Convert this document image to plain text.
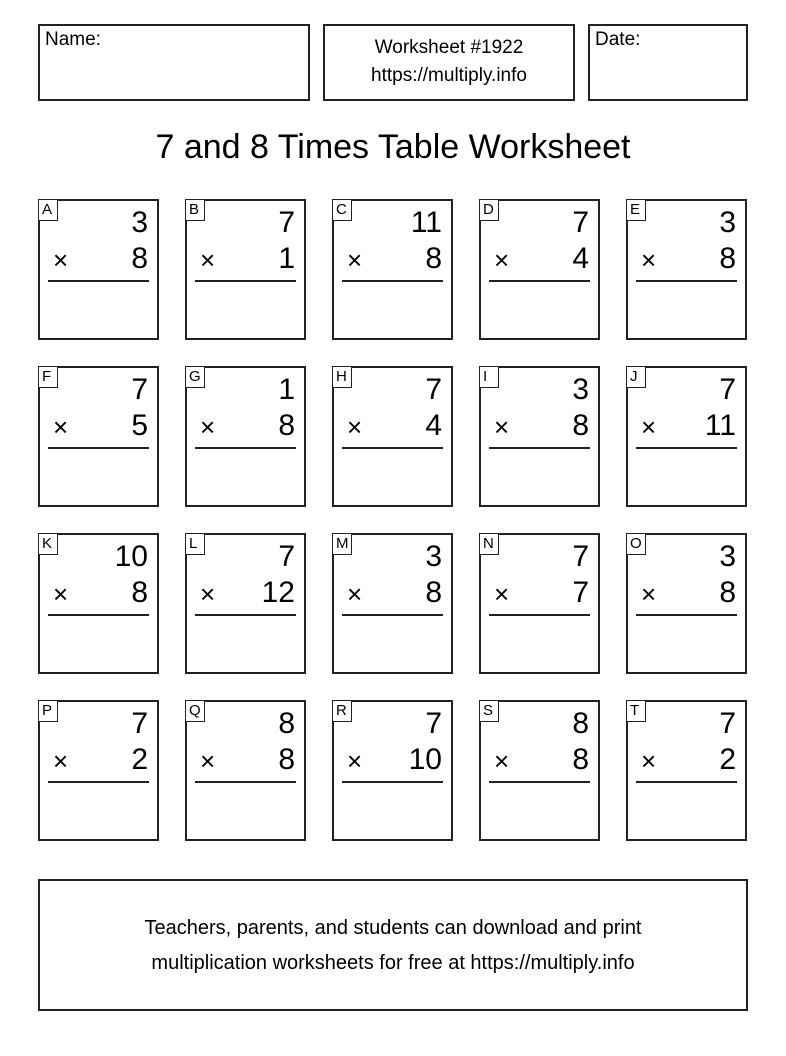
Name:	Worksheet #1922
https://multiply.info
Date:
7 and 8 Times Table Worksheet
A	3
× 8
B	7
× 1
C 11
× 8
D	7
× 4
E	3
× 8
F	7
× 5
G	1
× 8
H	7
× 4
I	3
× 8
J	7
× 11
K 10
× 8
L	7
× 12
M	3
× 8
N	7
× 7
O	3
× 8
P	7
× 2
Q	8
× 8
R	7
× 10
S	8
× 8
T	7
× 2
Teachers, parents, and students can download and print
multiplication worksheets for free at https://multiply.info
